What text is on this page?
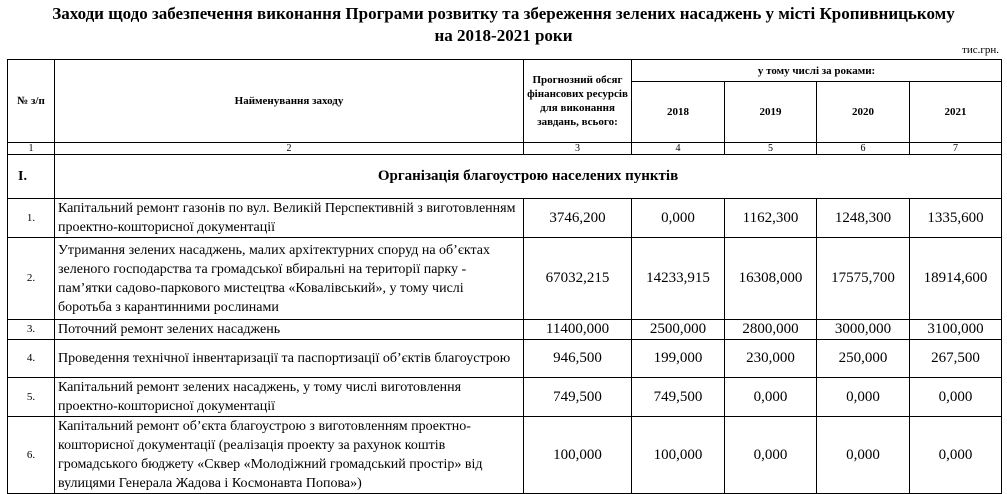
Заходи щодо забезпечення виконання Програми розвитку та збереження зелених насаджень у місті Кропивницькому
на 2018-2021 роки
тис.грн.
№ з/п	Найменування заходу	Прогнозний обсяг фінансових ресурсів для виконання завдань, всього:	у тому числі за роками:			
			2018	2019	2020	2021
1	2	3	4	5	6	7
I.	Організація благоустрою населених пунктів					
1.	Капітальний ремонт газонів по вул. Великій Перспективній з виготовленням проектно-кошторисної документації	3746,200	0,000	1162,300	1248,300	1335,600
2.	Утримання зелених насаджень, малих архітектурних споруд на об’єктах зеленого господарства та громадської вбиральні на території парку - пам’ятки садово-паркового мистецтва «Ковалівський», у тому числі боротьба з карантинними рослинами	67032,215	14233,915	16308,000	17575,700	18914,600
3.	Поточний ремонт зелених насаджень	11400,000	2500,000	2800,000	3000,000	3100,000
4.	Проведення технічної інвентаризації та паспортизації об’єктів благоустрою	946,500	199,000	230,000	250,000	267,500
5.	Капітальний ремонт зелених насаджень, у тому числі виготовлення проектно-кошторисної документації	749,500	749,500	0,000	0,000	0,000
6.	Капітальний ремонт об’єкта благоустрою з виготовленням проектно-кошторисної документації (реалізація проекту за рахунок коштів громадського бюджету «Сквер «Молодіжний громадський простір» від вулицями Генерала Жадова і Космонавта Попова»)	100,000	100,000	0,000	0,000	0,000
